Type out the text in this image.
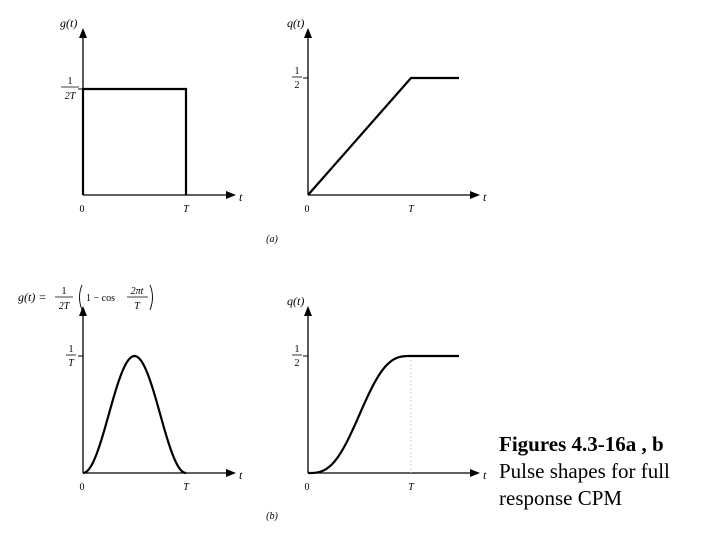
g(t)
1
2T
t
0	T
q(t)
1
2
t
0	T
(a)
g(t) = 1
2T
1 − cos
2πt
T
1
T
t
0	T
q(t)
1
2
t
0	T
(b)
Figures 4.3-16a , b
Pulse shapes for full
response CPM
